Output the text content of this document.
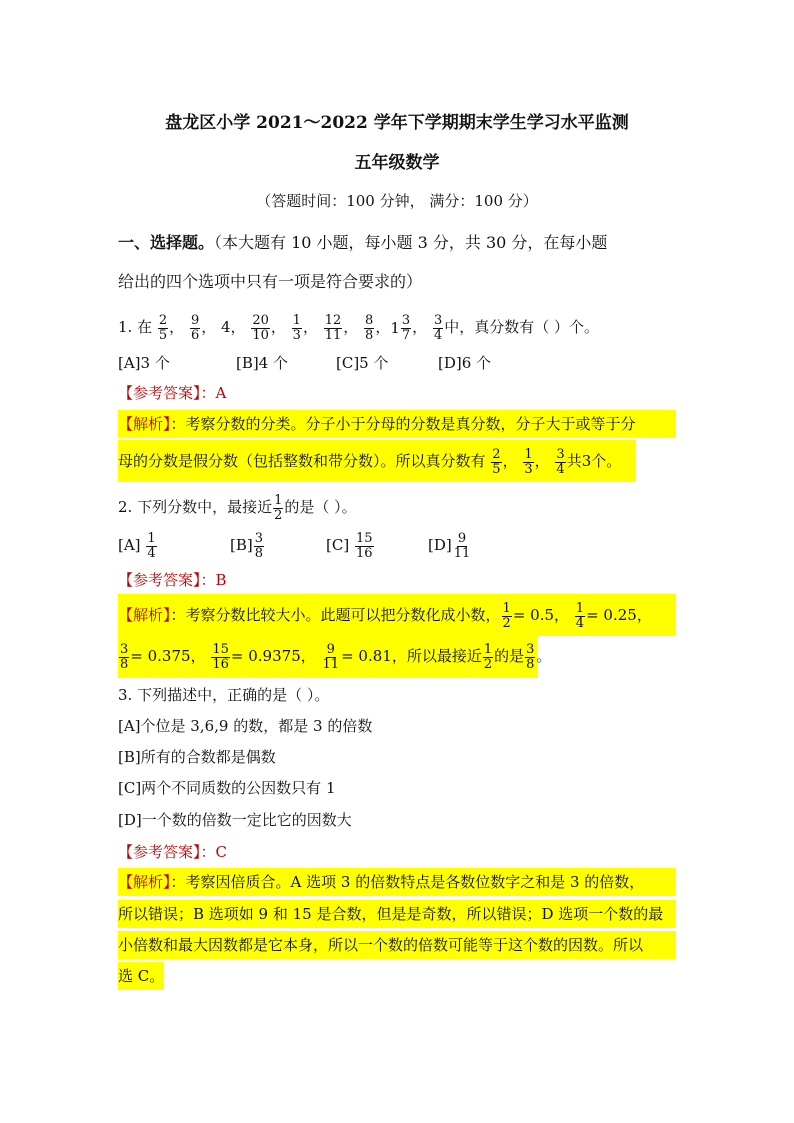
盘龙区小学 2021～2022 学年下学期期末学生学习水平监测
五年级数学
（答题时间：100 分钟， 满分：100 分）
一、选择题。（本大题有 10 小题，每小题 3 分，共 30 分，在每小题
给出的四个选项中只有一项是符合要求的）
1. 在 $\frac{2}{5}$ ， $\frac{9}{6}$ ， 4， $\frac{20}{10}$ ， $\frac{1}{3}$ ， $\frac{12}{11}$ ， $\frac{8}{8}$ ， $1 \frac{3}{7}$ ， $\frac{3}{4}$ 中，真分数有（ ）个。
[A]3 个	[B]4 个	[C]5 个	[D]6 个
【参考答案】：A
【解析】：考察分数的分类。分子小于分母的分数是真分数，分子大于或等于分
母的分数是假分数（包括整数和带分数）。所以真分数有 $\frac{2}{5}$ ， $\frac{1}{3}$ ， $\frac{3}{4}$ 共3个。
2. 下列分数中，最接近 $\frac{1}{2}$ 的是（ ）。
$[A] \frac{1}{4}$	$[B] \frac{3}{8}$	$[C] \frac{15}{16}$	$[D] \frac{9}{11}$
【参考答案】：B
【解析】：考察分数比较大小。此题可以把分数化成小数， $\frac{1}{2} = 0.5$， $\frac{1}{4} = 0.25$，
$\frac{3}{8} = 0.375$， $\frac{15}{16} = 0.9375$， $\frac{9}{11} = 0.81$，所以最接近 $\frac{1}{2}$ 的是 $\frac{3}{8}$ 。
3. 下列描述中，正确的是（ ）。
[A]个位是 3,6,9 的数，都是 3 的倍数
[B]所有的合数都是偶数
[C]两个不同质数的公因数只有 1
[D]一个数的倍数一定比它的因数大
【参考答案】：C
【解析】：考察因倍质合。A 选项 3 的倍数特点是各数位数字之和是 3 的倍数，
所以错误；B 选项如 9 和 15 是合数，但是是奇数，所以错误；D 选项一个数的最
小倍数和最大因数都是它本身，所以一个数的倍数可能等于这个数的因数。所以
选 C。
